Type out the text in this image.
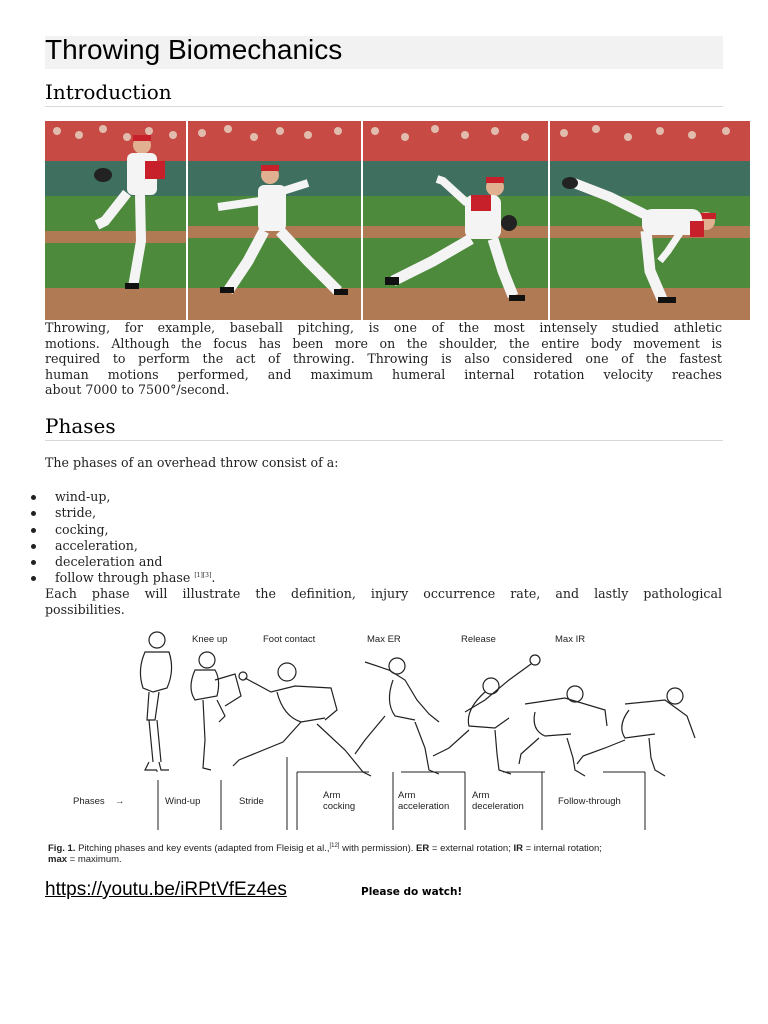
Throwing Biomechanics
Introduction
Throwing, for example, baseball pitching, is one of the most intensely studied athletic
motions. Although the focus has been more on the shoulder, the entire body movement is
required to perform the act of throwing. Throwing is also considered one of the fastest
human motions performed, and maximum humeral internal rotation velocity reaches
about 7000 to 7500°/second.
Phases
The phases of an overhead throw consist of a:
wind-up,
stride,
cocking,
acceleration,
deceleration and
follow through phase [1][3].
Each phase will illustrate the definition, injury occurrence rate, and lastly pathological
possibilities.
Knee up	Foot contact	Max ER	Release	Max IR
Phases →	Wind-up	Stride
Arm
cocking
Arm
acceleration
Arm
deceleration	Follow-through
Fig. 1. Pitching phases and key events (adapted from Fleisig et al.,[12] with permission). ER = external rotation; IR = internal rotation;
max = maximum.
https://youtu.be/iRPtVfEz4es	Please do watch!
